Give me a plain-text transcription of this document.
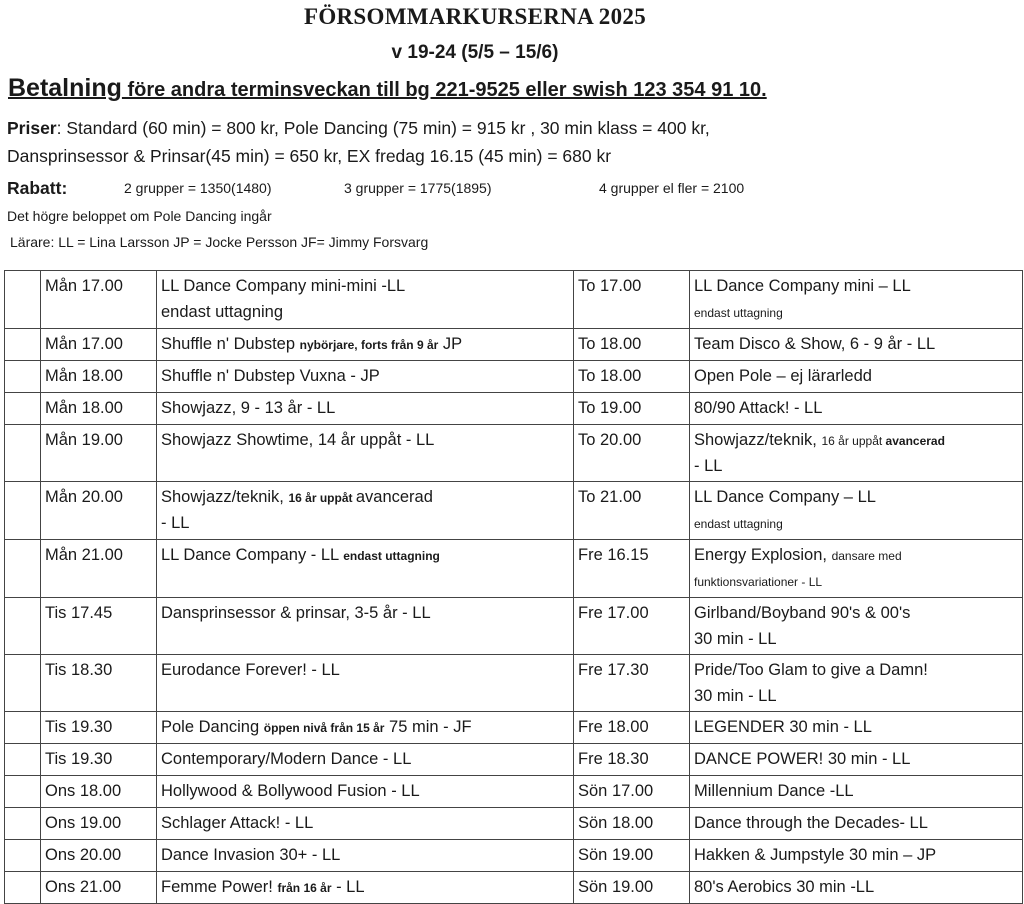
FÖRSOMMARKURSERNA 2025
v 19-24 (5/5 – 15/6)
Betalning före andra terminsveckan till bg 221-9525 eller swish 123 354 91 10.
Priser: Standard (60 min) = 800 kr, Pole Dancing (75 min) = 915 kr , 30 min klass = 400 kr,
Dansprinsessor & Prinsar(45 min) = 650 kr, EX fredag 16.15 (45 min) = 680 kr
Rabatt:	2 grupper = 1350(1480)	3 grupper = 1775(1895)	4 grupper el fler = 2100
Det högre beloppet om Pole Dancing ingår
Lärare: LL = Lina Larsson JP = Jocke Persson JF= Jimmy Forsvarg
	Mån 17.00	LL Dance Company mini-mini -LL
endast uttagning	To 17.00	LL Dance Company mini – LL
endast uttagning
	Mån 17.00	Shuffle n' Dubstep nybörjare, forts från 9 år JP	To 18.00	Team Disco & Show, 6 - 9 år - LL
	Mån 18.00	Shuffle n' Dubstep Vuxna - JP	To 18.00	Open Pole – ej lärarledd
	Mån 18.00	Showjazz, 9 - 13 år - LL	To 19.00	80/90 Attack! - LL
	Mån 19.00	Showjazz Showtime, 14 år uppåt - LL	To 20.00	Showjazz/teknik, 16 år uppåt avancerad
- LL
	Mån 20.00	Showjazz/teknik, 16 år uppåt avancerad
- LL	To 21.00	LL Dance Company – LL
endast uttagning
	Mån 21.00	LL Dance Company - LL endast uttagning	Fre 16.15	Energy Explosion, dansare med
funktionsvariationer - LL
	Tis 17.45	Dansprinsessor & prinsar, 3-5 år - LL	Fre 17.00	Girlband/Boyband 90's & 00's
30 min - LL
	Tis 18.30	Eurodance Forever! - LL	Fre 17.30	Pride/Too Glam to give a Damn!
30 min - LL
	Tis 19.30	Pole Dancing öppen nivå från 15 år 75 min - JF	Fre 18.00	LEGENDER 30 min - LL
	Tis 19.30	Contemporary/Modern Dance - LL	Fre 18.30	DANCE POWER! 30 min - LL
	Ons 18.00	Hollywood & Bollywood Fusion - LL	Sön 17.00	Millennium Dance -LL
	Ons 19.00	Schlager Attack! - LL	Sön 18.00	Dance through the Decades- LL
	Ons 20.00	Dance Invasion 30+ - LL	Sön 19.00	Hakken & Jumpstyle 30 min – JP
	Ons 21.00	Femme Power! från 16 år - LL	Sön 19.00	80's Aerobics 30 min -LL
